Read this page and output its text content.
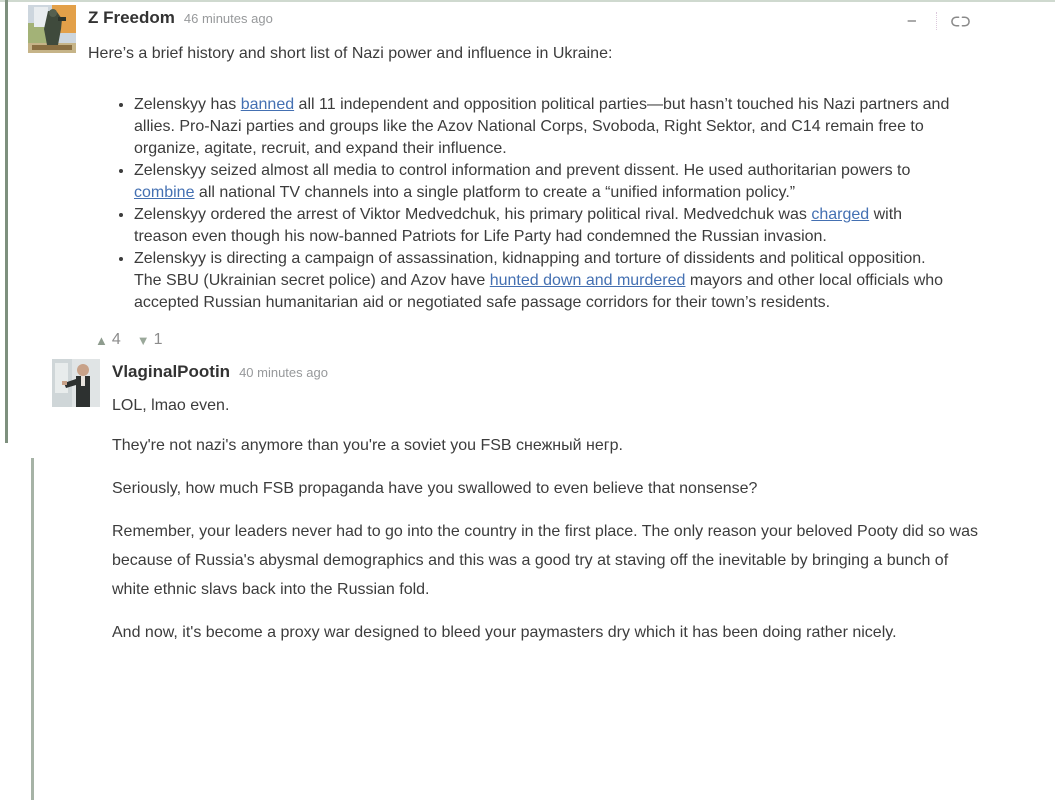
Z Freedom 46 minutes ago	–

Here’s a brief history and short list of Nazi power and influence in Ukraine:

• Zelenskyy has banned all 11 independent and opposition political parties—but hasn’t touched his Nazi partners and allies. Pro-Nazi parties and groups like the Azov National Corps, Svoboda, Right Sektor, and C14 remain free to organize, agitate, recruit, and expand their influence.
• Zelenskyy seized almost all media to control information and prevent dissent. He used authoritarian powers to combine all national TV channels into a single platform to create a “unified information policy.”
• Zelenskyy ordered the arrest of Viktor Medvedchuk, his primary political rival. Medvedchuk was charged with treason even though his now-banned Patriots for Life Party had condemned the Russian invasion.
• Zelenskyy is directing a campaign of assassination, kidnapping and torture of dissidents and political opposition. The SBU (Ukrainian secret police) and Azov have hunted down and murdered mayors and other local officials who accepted Russian humanitarian aid or negotiated safe passage corridors for their town’s residents.
▲ 4 ▼ 1
VlaginalPootin 40 minutes ago

LOL, lmao even.

They're not nazi's anymore than you're a soviet you FSB снежный негр.

Seriously, how much FSB propaganda have you swallowed to even believe that nonsense?

Remember, your leaders never had to go into the country in the first place. The only reason your beloved Pooty did so was because of Russia's abysmal demographics and this was a good try at staving off the inevitable by bringing a bunch of white ethnic slavs back into the Russian fold.

And now, it's become a proxy war designed to bleed your paymasters dry which it has been doing rather nicely.
